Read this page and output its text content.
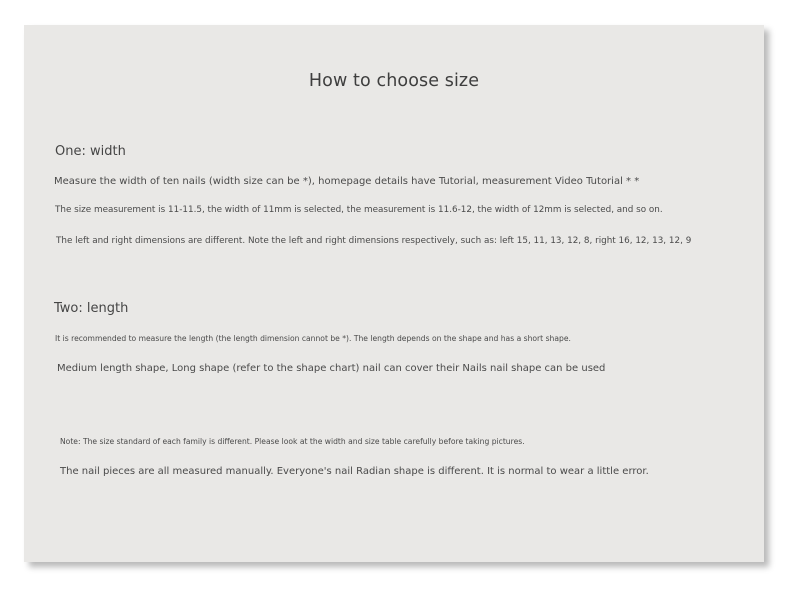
How to choose size
One: width

Measure the width of ten nails (width size can be *), homepage details have Tutorial, measurement Video Tutorial * *

The size measurement is 11-11.5, the width of 11mm is selected, the measurement is 11.6-12, the width of 12mm is selected, and so on.

The left and right dimensions are different. Note the left and right dimensions respectively, such as: left 15, 11, 13, 12, 8, right 16, 12, 13, 12, 9

Two: length

It is recommended to measure the length (the length dimension cannot be *). The length depends on the shape and has a short shape.

Medium length shape, Long shape (refer to the shape chart) nail can cover their Nails nail shape can be used

Note: The size standard of each family is different. Please look at the width and size table carefully before taking pictures.

The nail pieces are all measured manually. Everyone's nail Radian shape is different. It is normal to wear a little error.
